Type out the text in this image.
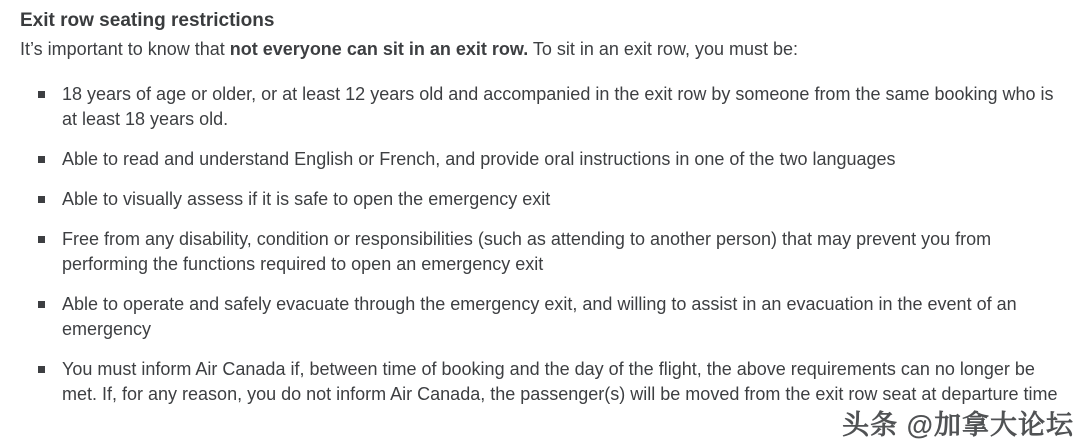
Exit row seating restrictions

It’s important to know that not everyone can sit in an exit row. To sit in an exit row, you must be:

18 years of age or older, or at least 12 years old and accompanied in the exit row by someone from the same booking who is at least 18 years old.
Able to read and understand English or French, and provide oral instructions in one of the two languages
Able to visually assess if it is safe to open the emergency exit
Free from any disability, condition or responsibilities (such as attending to another person) that may prevent you from performing the functions required to open an emergency exit
Able to operate and safely evacuate through the emergency exit, and willing to assist in an evacuation in the event of an emergency
You must inform Air Canada if, between time of booking and the day of the flight, the above requirements can no longer be met. If, for any reason, you do not inform Air Canada, the passenger(s) will be moved from the exit row seat at departure time
头条 @加拿大论坛
